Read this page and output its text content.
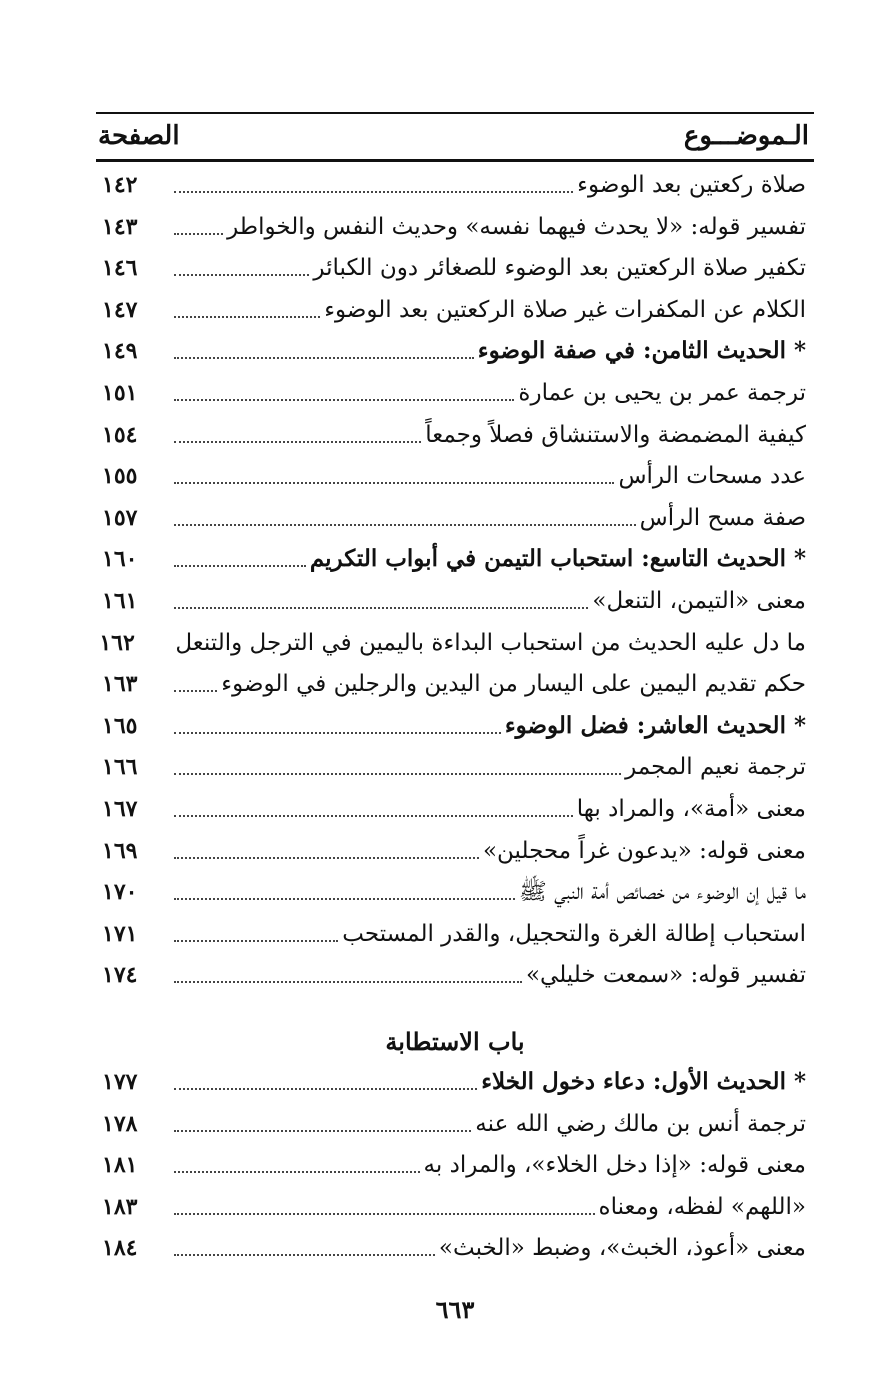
الـموضـــوع
الصفحة
صلاة ركعتين بعد الوضوء
١٤٢
تفسير قوله: «لا يحدث فيهما نفسه» وحديث النفس والخواطر
١٤٣
تكفير صلاة الركعتين بعد الوضوء للصغائر دون الكبائر
١٤٦
الكلام عن المكفرات غير صلاة الركعتين بعد الوضوء
١٤٧
* الحديث الثامن: في صفة الوضوء
١٤٩
ترجمة عمر بن يحيى بن عمارة
١٥١
كيفية المضمضة والاستنشاق فصلاً وجمعاً
١٥٤
عدد مسحات الرأس
١٥٥
صفة مسح الرأس
١٥٧
* الحديث التاسع: استحباب التيمن في أبواب التكريم
١٦٠
معنى «التيمن، التنعل»
١٦١
ما دل عليه الحديث من استحباب البداءة باليمين في الترجل والتنعل
١٦٢
حكم تقديم اليمين على اليسار من اليدين والرجلين في الوضوء
١٦٣
* الحديث العاشر: فضل الوضوء
١٦٥
ترجمة نعيم المجمر
١٦٦
معنى «أمة»، والمراد بها
١٦٧
معنى قوله: «يدعون غراً محجلين»
١٦٩
ما قيل إن الوضوء من خصائص أمة النبي ﷺ
١٧٠
استحباب إطالة الغرة والتحجيل، والقدر المستحب
١٧١
تفسير قوله: «سمعت خليلي»
١٧٤
باب الاستطابة
* الحديث الأول: دعاء دخول الخلاء
١٧٧
ترجمة أنس بن مالك رضي الله عنه
١٧٨
معنى قوله: «إذا دخل الخلاء»، والمراد به
١٨١
«اللهم» لفظه، ومعناه
١٨٣
معنى «أعوذ، الخبث»، وضبط «الخبث»
١٨٤
٦٦٣
